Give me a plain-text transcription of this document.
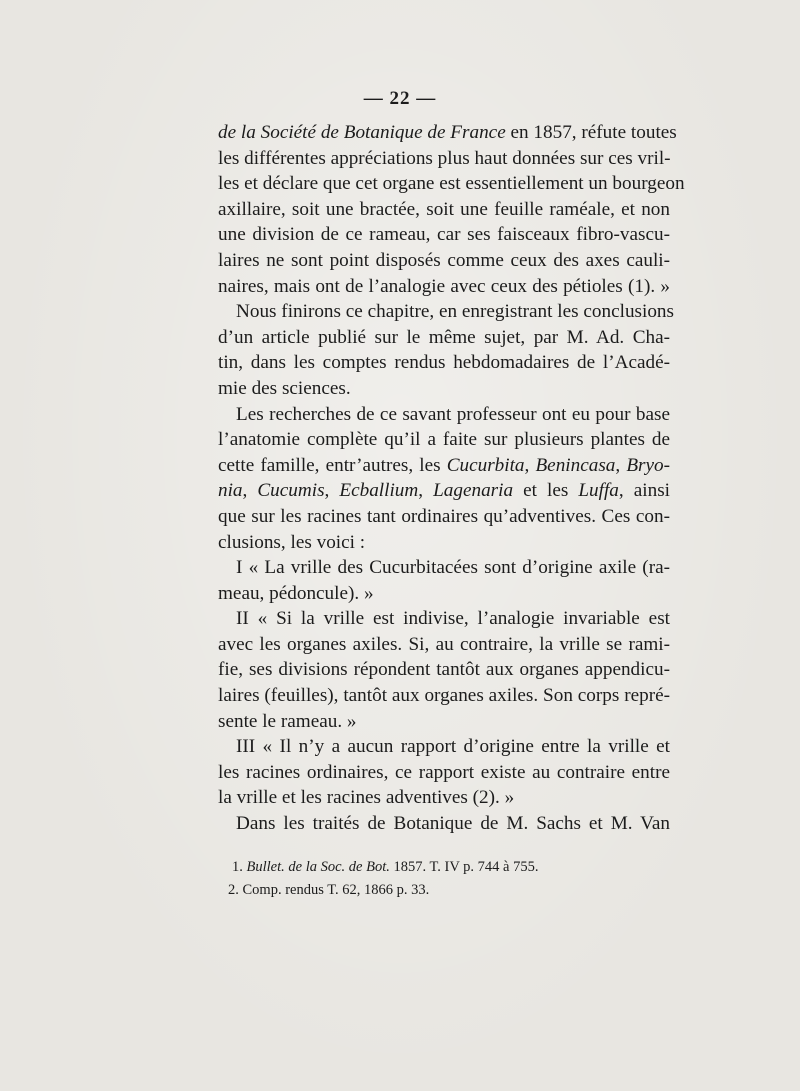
— 22 —
de la Société de Botanique de France en 1857, réfute toutes
les différentes appréciations plus haut données sur ces vril-
les et déclare que cet organe est essentiellement un bourgeon
axillaire, soit une bractée, soit une feuille raméale, et non
une division de ce rameau, car ses faisceaux fibro-vascu-
laires ne sont point disposés comme ceux des axes cauli-
naires, mais ont de l’analogie avec ceux des pétioles (1). »
Nous finirons ce chapitre, en enregistrant les conclusions
d’un article publié sur le même sujet, par M. Ad. Cha-
tin, dans les comptes rendus hebdomadaires de l’Acadé-
mie des sciences.
Les recherches de ce savant professeur ont eu pour base
l’anatomie complète qu’il a faite sur plusieurs plantes de
cette famille, entr’autres, les Cucurbita, Benincasa, Bryo-
nia, Cucumis, Ecballium, Lagenaria et les Luffa, ainsi
que sur les racines tant ordinaires qu’adventives. Ces con-
clusions, les voici :
I « La vrille des Cucurbitacées sont d’origine axile (ra-
meau, pédoncule). »
II « Si la vrille est indivise, l’analogie invariable est
avec les organes axiles. Si, au contraire, la vrille se rami-
fie, ses divisions répondent tantôt aux organes appendicu-
laires (feuilles), tantôt aux organes axiles. Son corps repré-
sente le rameau. »
III « Il n’y a aucun rapport d’origine entre la vrille et
les racines ordinaires, ce rapport existe au contraire entre
la vrille et les racines adventives (2). »
Dans les traités de Botanique de M. Sachs et M. Van
1. Bullet. de la Soc. de Bot. 1857. T. IV p. 744 à 755.
2. Comp. rendus T. 62, 1866 p. 33.
